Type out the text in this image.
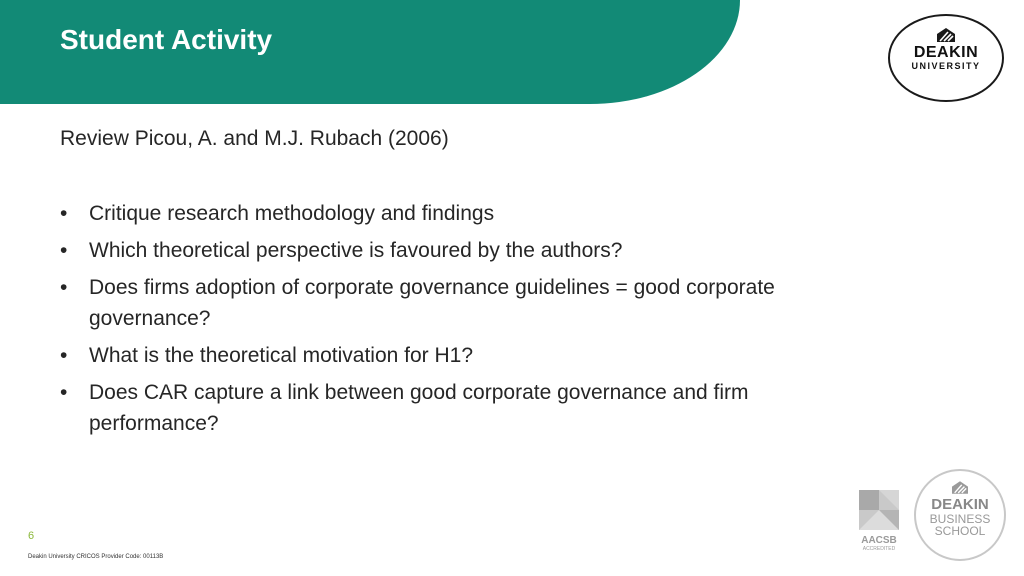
Student Activity	DEAKIN
UNIVERSITY
Review Picou, A. and M.J. Rubach (2006)
• Critique research methodology and findings
• Which theoretical perspective is favoured by the authors?
• Does firms adoption of corporate governance guidelines = good corporate governance?
• What is the theoretical motivation for H1?
• Does CAR capture a link between good corporate governance and firm performance?
6
Deakin University CRICOS Provider Code: 00113B
AACSB
ACCREDITED
DEAKIN
BUSINESS
SCHOOL
